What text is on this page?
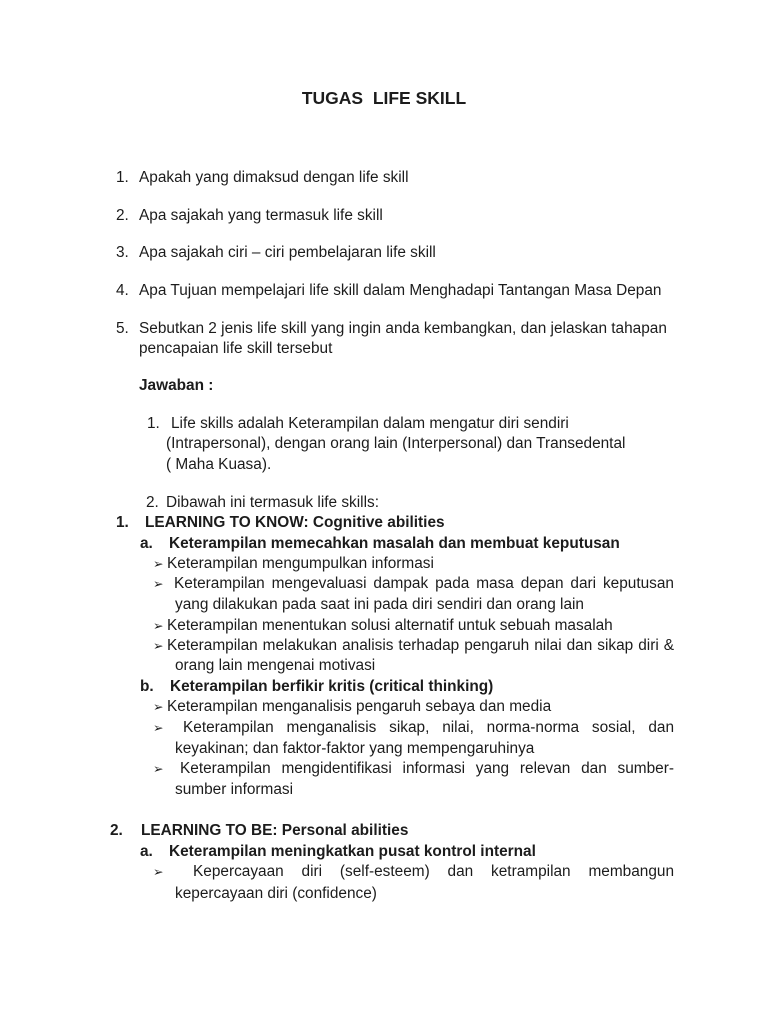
TUGAS  LIFE SKILL
1. Apakah yang dimaksud dengan life skill
2. Apa sajakah yang termasuk life skill
3. Apa sajakah ciri – ciri pembelajaran life skill
4. Apa Tujuan mempelajari life skill dalam Menghadapi Tantangan Masa Depan
5. Sebutkan 2 jenis life skill yang ingin anda kembangkan, dan jelaskan tahapan
pencapaian life skill tersebut
Jawaban :
1. Life skills adalah Keterampilan dalam mengatur diri sendiri
(Intrapersonal), dengan orang lain (Interpersonal) dan Transedental
( Maha Kuasa).
2. Dibawah ini termasuk life skills:
1. LEARNING TO KNOW: Cognitive abilities
a. Keterampilan memecahkan masalah dan membuat keputusan
➢ Keterampilan mengumpulkan informasi
➢ Keterampilan mengevaluasi dampak pada masa depan dari keputusan
yang dilakukan pada saat ini pada diri sendiri dan orang lain
➢ Keterampilan menentukan solusi alternatif untuk sebuah masalah
➢ Keterampilan melakukan analisis terhadap pengaruh nilai dan sikap diri &
orang lain mengenai motivasi
b. Keterampilan berfikir kritis (critical thinking)
➢ Keterampilan menganalisis pengaruh sebaya dan media
➢ Keterampilan menganalisis sikap, nilai, norma-norma sosial, dan
keyakinan; dan faktor-faktor yang mempengaruhinya
➢ Keterampilan mengidentifikasi informasi yang relevan dan sumber-
sumber informasi
2. LEARNING TO BE: Personal abilities
a. Keterampilan meningkatkan pusat kontrol internal
➢ Kepercayaan diri (self-esteem) dan ketrampilan membangun
kepercayaan diri (confidence)
